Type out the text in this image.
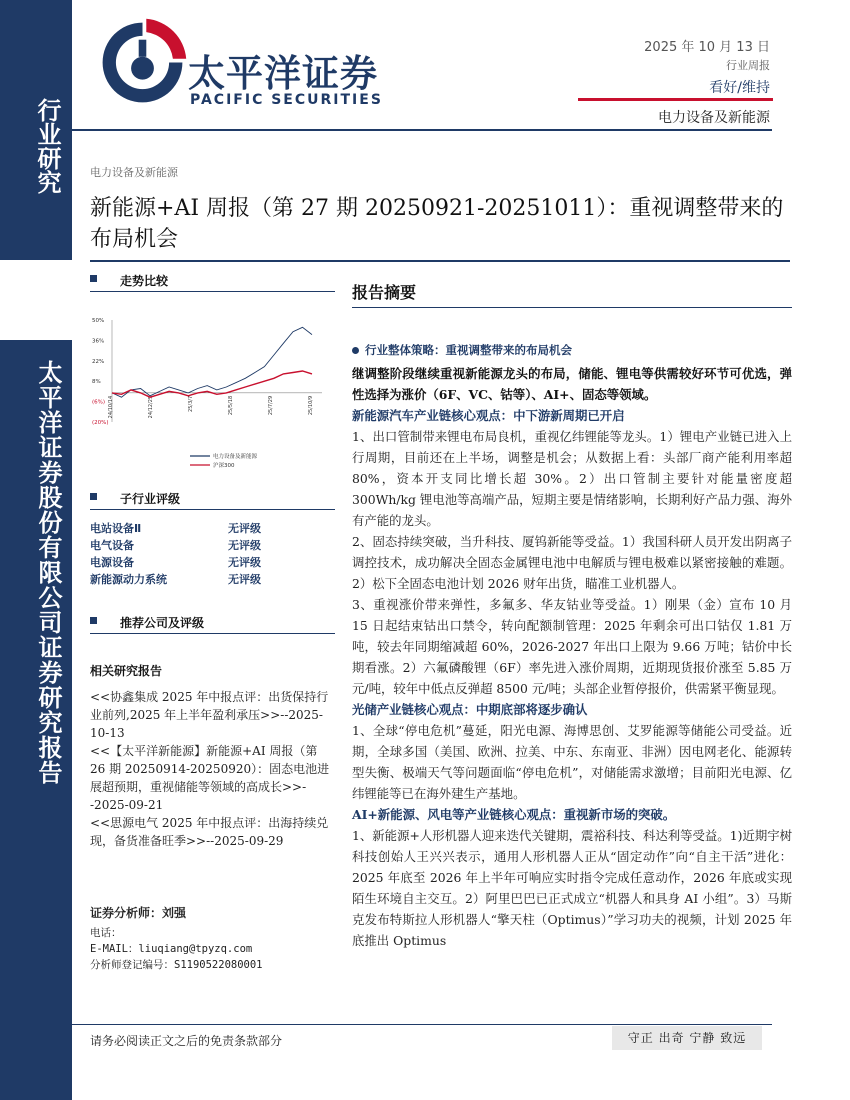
行业研究
太平洋证券股份有限公司证券研究报告
太平洋证券
PACIFIC SECURITIES
2025 年 10 月 13 日
行业周报
看好/维持
电力设备及新能源
电力设备及新能源
新能源+AI 周报（第 27 期 20250921-20251011）：重视调整带来的布局机会
走势比较
50%
36%
22%
8%
(6%)
(20%)
24/10/14	24/12/25	25/3/7	25/5/18	25/7/29	25/10/9
电力设备及新能源
沪深300
子行业评级
电站设备Ⅱ	无评级
电气设备	无评级
电源设备	无评级
新能源动力系统	无评级
推荐公司及评级
相关研究报告

<<协鑫集成 2025 年中报点评：出货保持行业前列,2025 年上半年盈利承压>>--2025-10-13

<<【太平洋新能源】新能源+AI 周报（第 26 期 20250914-20250920）：固态电池进展超预期，重视储能等领域的高成长>>--2025-09-21

<<思源电气 2025 年中报点评：出海持续兑现，备货准备旺季>>--2025-09-29

证券分析师：刘强
电话：
E-MAIL：liuqiang@tpyzq.com
分析师登记编号：S1190522080001
报告摘要
行业整体策略：重视调整带来的布局机会
继调整阶段继续重视新能源龙头的布局，储能、锂电等供需较好环节可优选，弹性选择为涨价（6F、VC、钴等）、AI+、固态等领域。
新能源汽车产业链核心观点：中下游新周期已开启
1、出口管制带来锂电布局良机，重视亿纬锂能等龙头。1）锂电产业链已进入上行周期，目前还在上半场，调整是机会；从数据上看：头部厂商产能利用率超 80%，资本开支同比增长超 30%。2）出口管制主要针对能量密度超 300Wh/kg 锂电池等高端产品，短期主要是情绪影响，长期利好产品力强、海外有产能的龙头。
2、固态持续突破，当升科技、厦钨新能等受益。1）我国科研人员开发出阴离子调控技术，成功解决全固态金属锂电池中电解质与锂电极难以紧密接触的难题。2）松下全固态电池计划 2026 财年出货，瞄准工业机器人。
3、重视涨价带来弹性，多氟多、华友钴业等受益。1）刚果（金）宣布 10 月 15 日起结束钴出口禁令，转向配额制管理：2025 年剩余可出口钴仅 1.81 万吨，较去年同期缩减超 60%，2026-2027 年出口上限为 9.66 万吨；钴价中长期看涨。2）六氟磷酸锂（6F）率先进入涨价周期，近期现货报价涨至 5.85 万元/吨，较年中低点反弹超 8500 元/吨；头部企业暂停报价，供需紧平衡显现。
光储产业链核心观点：中期底部将逐步确认
1、全球“停电危机”蔓延，阳光电源、海博思创、艾罗能源等储能公司受益。近期，全球多国（美国、欧洲、拉美、中东、东南亚、非洲）因电网老化、能源转型失衡、极端天气等问题面临“停电危机”，对储能需求激增；目前阳光电源、亿纬锂能等已在海外建生产基地。
AI+新能源、风电等产业链核心观点：重视新市场的突破。
1、新能源+人形机器人迎来迭代关键期，震裕科技、科达利等受益。1)近期宇树科技创始人王兴兴表示，通用人形机器人正从“固定动作”向“自主干活”进化：2025 年底至 2026 年上半年可响应实时指令完成任意动作，2026 年底或实现陌生环境自主交互。2）阿里巴巴已正式成立“机器人和具身 AI 小组”。3）马斯克发布特斯拉人形机器人“擎天柱（Optimus）”学习功夫的视频，计划 2025 年底推出 Optimus
请务必阅读正文之后的免责条款部分	守正 出奇 宁静 致远
